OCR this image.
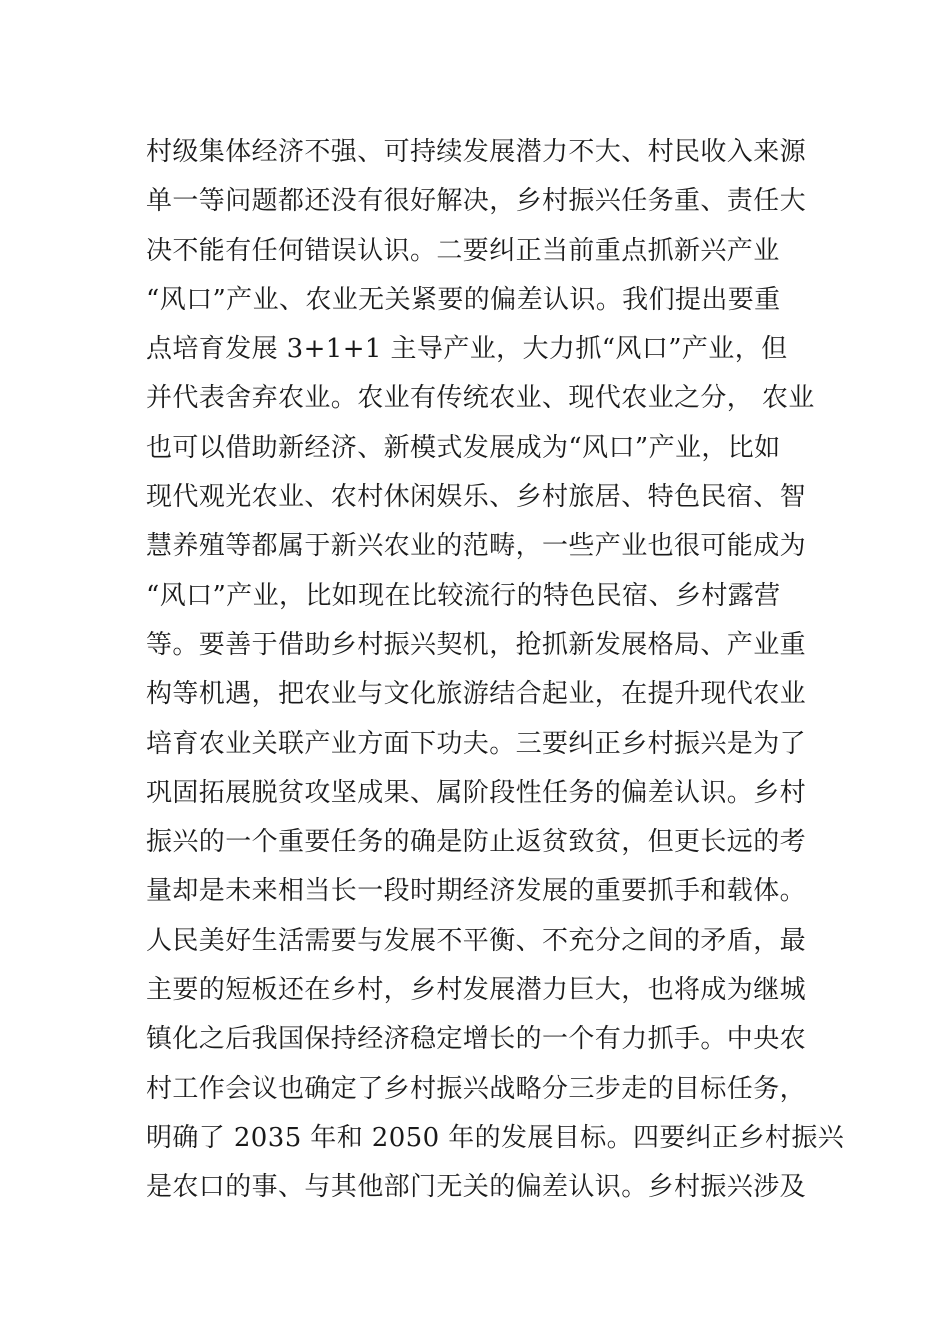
村级集体经济不强、可持续发展潜力不大、村民收入来源
单一等问题都还没有很好解决，乡村振兴任务重、责任大
决不能有任何错误认识。二要纠正当前重点抓新兴产业
“风口”产业、农业无关紧要的偏差认识。我们提出要重
点培育发展 3+1+1 主导产业，大力抓“风口”产业，但
并代表舍弃农业。农业有传统农业、现代农业之分， 农业
也可以借助新经济、新模式发展成为“风口”产业，比如
现代观光农业、农村休闲娱乐、乡村旅居、特色民宿、智
慧养殖等都属于新兴农业的范畴，一些产业也很可能成为
“风口”产业，比如现在比较流行的特色民宿、乡村露营
等。要善于借助乡村振兴契机，抢抓新发展格局、产业重
构等机遇，把农业与文化旅游结合起业，在提升现代农业
培育农业关联产业方面下功夫。三要纠正乡村振兴是为了
巩固拓展脱贫攻坚成果、属阶段性任务的偏差认识。乡村
振兴的一个重要任务的确是防止返贫致贫，但更长远的考
量却是未来相当长一段时期经济发展的重要抓手和载体。
人民美好生活需要与发展不平衡、不充分之间的矛盾，最
主要的短板还在乡村，乡村发展潜力巨大，也将成为继城
镇化之后我国保持经济稳定增长的一个有力抓手。中央农
村工作会议也确定了乡村振兴战略分三步走的目标任务，
明确了 2035 年和 2050 年的发展目标。四要纠正乡村振兴
是农口的事、与其他部门无关的偏差认识。乡村振兴涉及
